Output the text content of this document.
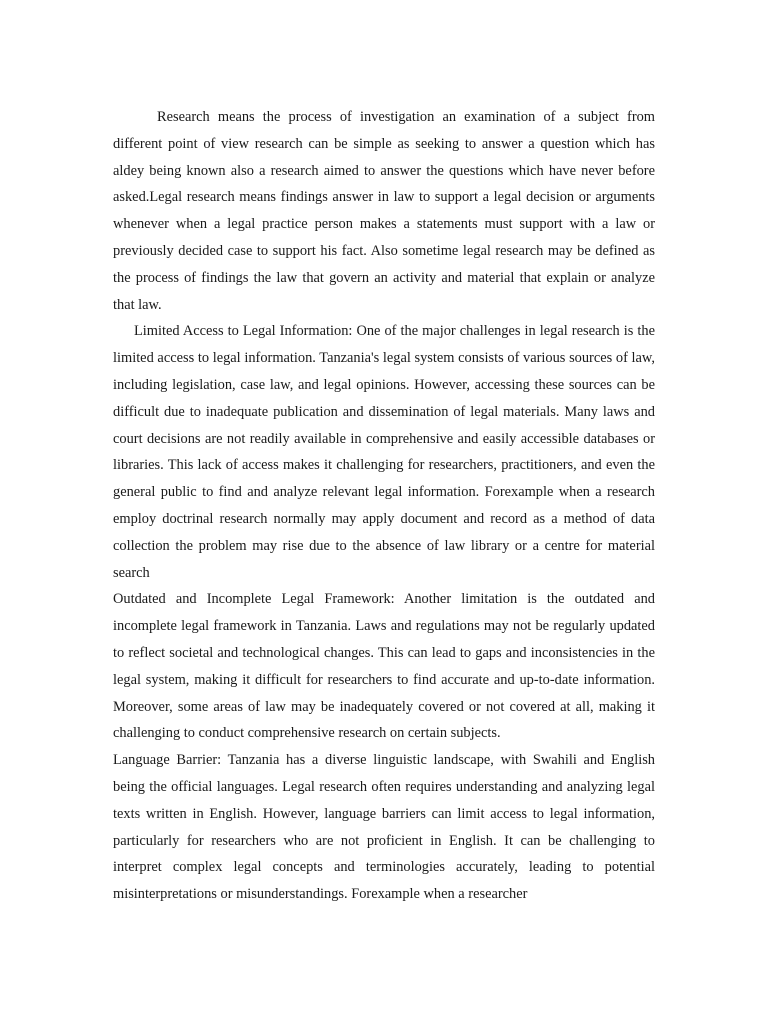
Research means the process of investigation an examination of a subject from different point of view research can be simple as seeking to answer a question which has aldey being known also a research aimed to answer the questions which have never before asked.Legal research means findings answer in law to support a legal decision or arguments whenever when a legal practice person makes a statements must support with a law or previously decided case to support his fact. Also sometime legal research may be defined as the process of findings the law that govern an activity and material that explain or analyze that law.

Limited Access to Legal Information: One of the major challenges in legal research is the limited access to legal information. Tanzania's legal system consists of various sources of law, including legislation, case law, and legal opinions. However, accessing these sources can be difficult due to inadequate publication and dissemination of legal materials. Many laws and court decisions are not readily available in comprehensive and easily accessible databases or libraries. This lack of access makes it challenging for researchers, practitioners, and even the general public to find and analyze relevant legal information. Forexample when a research employ doctrinal research normally may apply document and record as a method of data collection the problem may rise due to the absence of law library or a centre for material search

Outdated and Incomplete Legal Framework: Another limitation is the outdated and incomplete legal framework in Tanzania. Laws and regulations may not be regularly updated to reflect societal and technological changes. This can lead to gaps and inconsistencies in the legal system, making it difficult for researchers to find accurate and up-to-date information. Moreover, some areas of law may be inadequately covered or not covered at all, making it challenging to conduct comprehensive research on certain subjects.

Language Barrier: Tanzania has a diverse linguistic landscape, with Swahili and English being the official languages. Legal research often requires understanding and analyzing legal texts written in English. However, language barriers can limit access to legal information, particularly for researchers who are not proficient in English. It can be challenging to interpret complex legal concepts and terminologies accurately, leading to potential misinterpretations or misunderstandings. Forexample when a researcher
